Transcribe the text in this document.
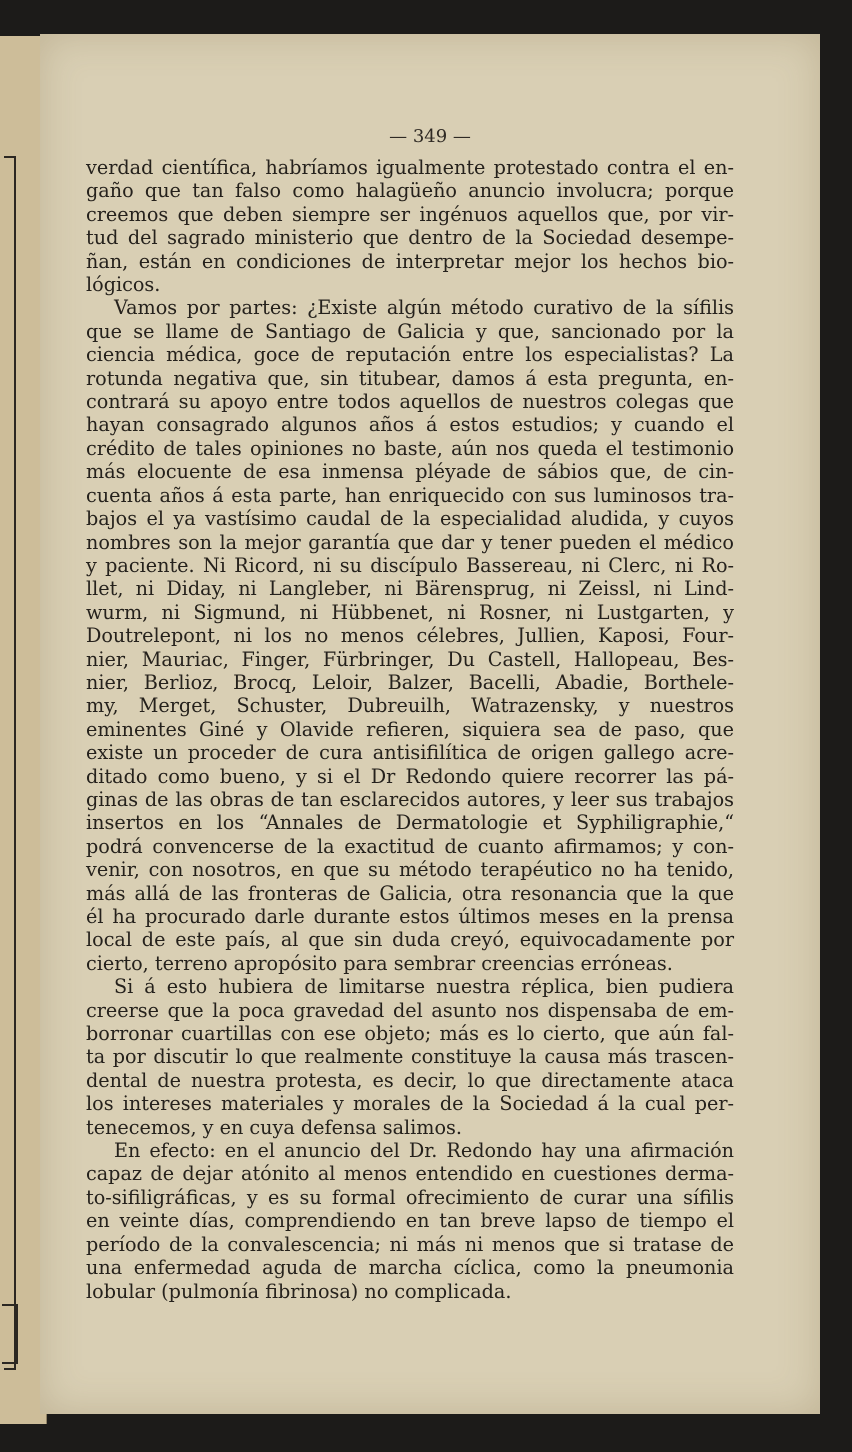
— 349 —
verdad científica, habríamos igualmente protestado contra el en-
gaño que tan falso como halagüeño anuncio involucra; porque
creemos que deben siempre ser ingénuos aquellos que, por vir-
tud del sagrado ministerio que dentro de la Sociedad desempe-
ñan, están en condiciones de interpretar mejor los hechos bio-
lógicos.
Vamos por partes: ¿Existe algún método curativo de la sífilis
que se llame de Santiago de Galicia y que, sancionado por la
ciencia médica, goce de reputación entre los especialistas? La
rotunda negativa que, sin titubear, damos á esta pregunta, en-
contrará su apoyo entre todos aquellos de nuestros colegas que
hayan consagrado algunos años á estos estudios; y cuando el
crédito de tales opiniones no baste, aún nos queda el testimonio
más elocuente de esa inmensa pléyade de sábios que, de cin-
cuenta años á esta parte, han enriquecido con sus luminosos tra-
bajos el ya vastísimo caudal de la especialidad aludida, y cuyos
nombres son la mejor garantía que dar y tener pueden el médico
y paciente. Ni Ricord, ni su discípulo Bassereau, ni Clerc, ni Ro-
llet, ni Diday, ni Langleber, ni Bärensprug, ni Zeissl, ni Lind-
wurm, ni Sigmund, ni Hübbenet, ni Rosner, ni Lustgarten, y
Doutrelepont, ni los no menos célebres, Jullien, Kaposi, Four-
nier, Mauriac, Finger, Fürbringer, Du Castell, Hallopeau, Bes-
nier, Berlioz, Brocq, Leloir, Balzer, Bacelli, Abadie, Borthele-
my, Merget, Schuster, Dubreuilh, Watrazensky, y nuestros
eminentes Giné y Olavide refieren, siquiera sea de paso, que
existe un proceder de cura antisifilítica de origen gallego acre-
ditado como bueno, y si el Dr Redondo quiere recorrer las pá-
ginas de las obras de tan esclarecidos autores, y leer sus trabajos
insertos en los “Annales de Dermatologie et Syphiligraphie,“
podrá convencerse de la exactitud de cuanto afirmamos; y con-
venir, con nosotros, en que su método terapéutico no ha tenido,
más allá de las fronteras de Galicia, otra resonancia que la que
él ha procurado darle durante estos últimos meses en la prensa
local de este país, al que sin duda creyó, equivocadamente por
cierto, terreno apropósito para sembrar creencias erróneas.
Si á esto hubiera de limitarse nuestra réplica, bien pudiera
creerse que la poca gravedad del asunto nos dispensaba de em-
borronar cuartillas con ese objeto; más es lo cierto, que aún fal-
ta por discutir lo que realmente constituye la causa más trascen-
dental de nuestra protesta, es decir, lo que directamente ataca
los intereses materiales y morales de la Sociedad á la cual per-
tenecemos, y en cuya defensa salimos.
En efecto: en el anuncio del Dr. Redondo hay una afirmación
capaz de dejar atónito al menos entendido en cuestiones derma-
to-sifiligráficas, y es su formal ofrecimiento de curar una sífilis
en veinte días, comprendiendo en tan breve lapso de tiempo el
período de la convalescencia; ni más ni menos que si tratase de
una enfermedad aguda de marcha cíclica, como la pneumonia
lobular (pulmonía fibrinosa) no complicada.
